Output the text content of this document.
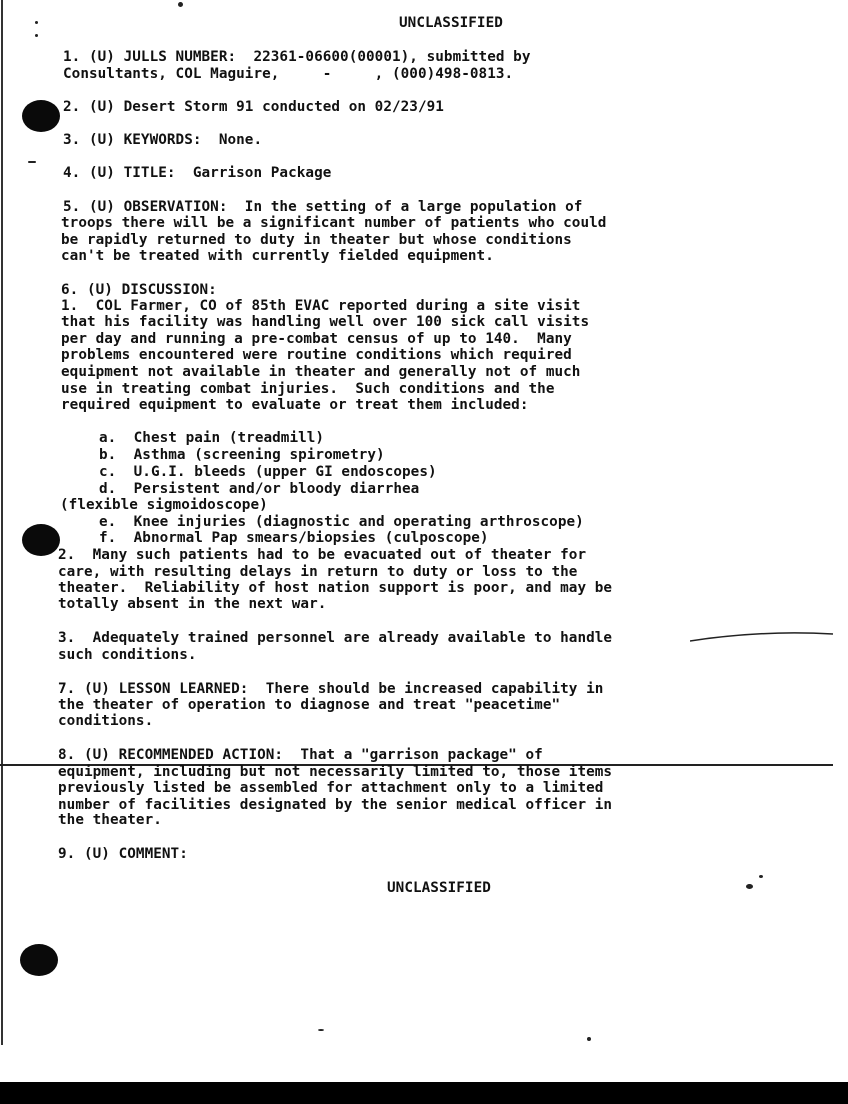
UNCLASSIFIED
1. (U) JULLS NUMBER:  22361-06600(00001), submitted by
Consultants, COL Maguire,     -     , (000)498-0813.
2. (U) Desert Storm 91 conducted on 02/23/91
3. (U) KEYWORDS:  None.
4. (U) TITLE:  Garrison Package
5. (U) OBSERVATION:  In the setting of a large population of
troops there will be a significant number of patients who could
be rapidly returned to duty in theater but whose conditions
can't be treated with currently fielded equipment.
6. (U) DISCUSSION:
1.  COL Farmer, CO of 85th EVAC reported during a site visit
that his facility was handling well over 100 sick call visits
per day and running a pre-combat census of up to 140.  Many
problems encountered were routine conditions which required
equipment not available in theater and generally not of much
use in treating combat injuries.  Such conditions and the
required equipment to evaluate or treat them included:
a.  Chest pain (treadmill)
b.  Asthma (screening spirometry)
c.  U.G.I. bleeds (upper GI endoscopes)
d.  Persistent and/or bloody diarrhea
(flexible sigmoidoscope)
e.  Knee injuries (diagnostic and operating arthroscope)
f.  Abnormal Pap smears/biopsies (culposcope)
2.  Many such patients had to be evacuated out of theater for
care, with resulting delays in return to duty or loss to the
theater.  Reliability of host nation support is poor, and may be
totally absent in the next war.
3.  Adequately trained personnel are already available to handle
such conditions.
7. (U) LESSON LEARNED:  There should be increased capability in
the theater of operation to diagnose and treat "peacetime"
conditions.
8. (U) RECOMMENDED ACTION:  That a "garrison package" of
equipment, including but not necessarily limited to, those items
previously listed be assembled for attachment only to a limited
number of facilities designated by the senior medical officer in
the theater.
9. (U) COMMENT:
UNCLASSIFIED
